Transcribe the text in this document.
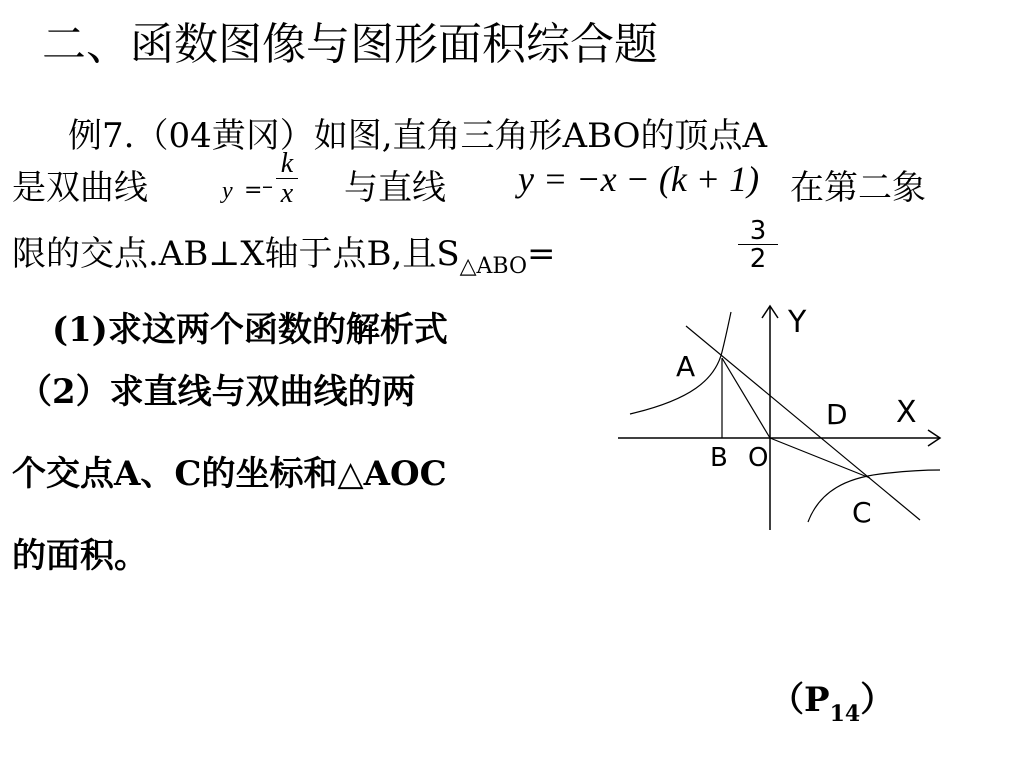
二、函数图像与图形面积综合题
例7.（04黄冈）如图,直角三角形ABO的顶点A
是双曲线	y = –
k
x 与直线 y = −x − (k + 1) 在第二象
限的交点.AB⊥X轴于点B,且$S_{\triangle ABO}=$
3
2
(1)求这两个函数的解析式
（2）求直线与双曲线的两
个交点A、C的坐标和△AOC
的面积。
$(P_{14})$
Y
X
A
B O
D
C
